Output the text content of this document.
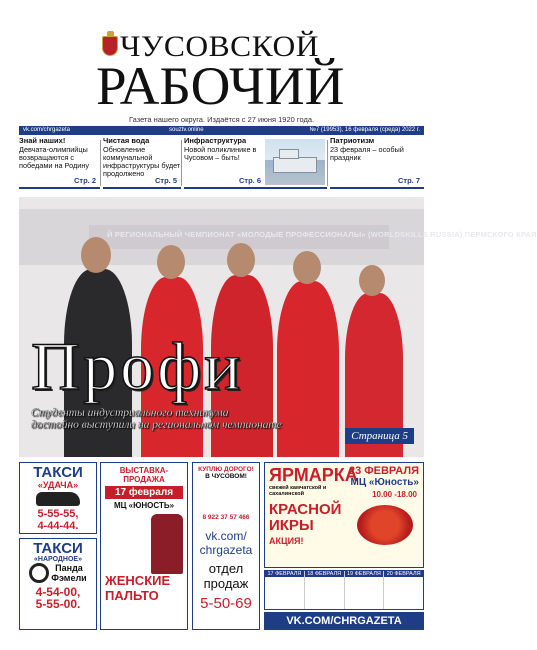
ЧУСОВСКОЙ
РАБОЧИЙ
Газета нашего округа. Издаётся с 27 июня 1920 года.
vk.com/chrgazeta	souztv.online	№7 (19953), 16 февраля (среда) 2022 г.
Знай наших!
Девчата-олимпийцы возвращаются с победами на Родину
Стр. 2
Чистая вода
Обновление коммунальной инфраструктуры будет продолжено
Стр. 5
Инфраструктура
Новой поликлинике в Чусовом – быть!
Стр. 6
Патриотизм
23 февраля – особый праздник
Стр. 7
Й РЕГИОНАЛЬНЫЙ ЧЕМПИОНАТ «МОЛОДЫЕ ПРОФЕССИОНАЛЫ» (WORLDSKILLS RUSSIA) ПЕРМСКОГО КРАЯ
Профи
Студенты индустриального техникума
достойно выступили на региональном чемпионате
Страница 5
ТАКСИ
«УДАЧА»
5-55-55,
4-44-44.
ТАКСИ
«НАРОДНОЕ»
Панда
Фэмели
4-54-00,
5-55-00.
ВЫСТАВКА-ПРОДАЖА
17 февраля
МЦ «ЮНОСТЬ»
ЖЕНСКИЕ
ПАЛЬТО
КУПЛЮ ДОРОГО!
В ЧУСОВОМ!
8 922 37 57 466
vk.com/
chrgazeta
отдел
продаж
5-50-69
ЯРМАРКА
свежей камчатской и сахалинской
23 ФЕВРАЛЯ
МЦ «Юность»
10.00 -18.00
КРАСНОЙ
ИКРЫ
АКЦИЯ!
17 ФЕВРАЛЯ	18 ФЕВРАЛЯ	19 ФЕВРАЛЯ	20 ФЕВРАЛЯ
VK.COM/CHRGAZETA
